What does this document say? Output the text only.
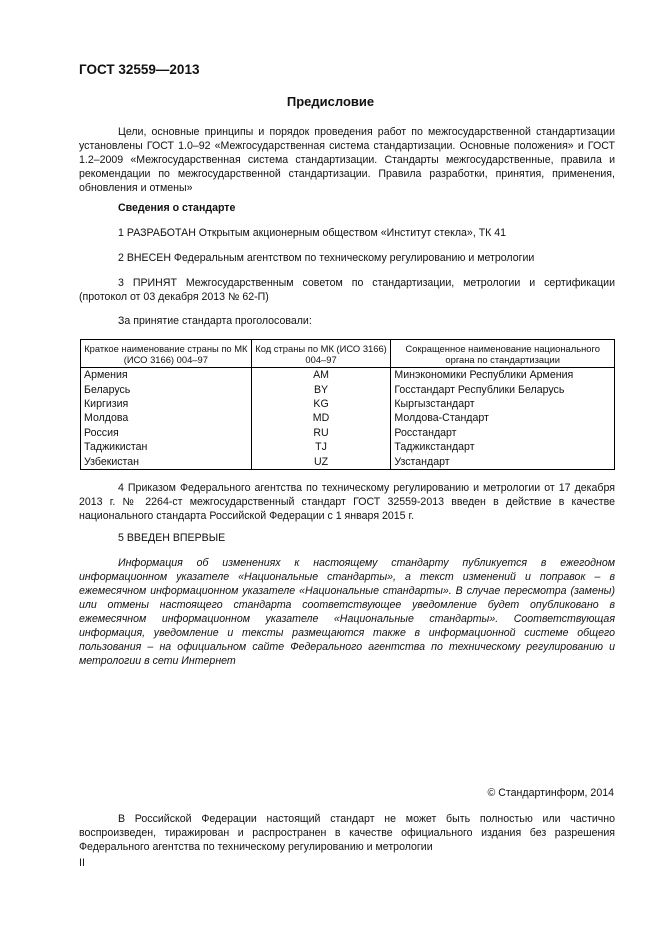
ГОСТ 32559—2013
Предисловие
Цели, основные принципы и порядок проведения работ по межгосударственной стандартизации установлены ГОСТ 1.0–92 «Межгосударственная система стандартизации. Основные положения» и ГОСТ 1.2–2009 «Межгосударственная система стандартизации. Стандарты межгосударственные, правила и рекомендации по межгосударственной стандартизации. Правила разработки, принятия, применения, обновления и отмены»
Сведения о стандарте
1 РАЗРАБОТАН Открытым акционерным обществом «Институт стекла», ТК 41
2 ВНЕСЕН Федеральным агентством по техническому регулированию и метрологии
3 ПРИНЯТ Межгосударственным советом по стандартизации, метрологии и сертификации (протокол от 03 декабря 2013 № 62-П)
За принятие стандарта проголосовали:
Краткое наименование страны по МК (ИСО 3166) 004–97	Код страны по МК (ИСО 3166) 004–97	Сокращенное наименование национального органа по стандартизации
Армения	AM	Минэкономики Республики Армения
Беларусь	BY	Госстандарт Республики Беларусь
Киргизия	KG	Кыргызстандарт
Молдова	MD	Молдова-Стандарт
Россия	RU	Росстандарт
Таджикистан	TJ	Таджикстандарт
Узбекистан	UZ	Узстандарт
4 Приказом Федерального агентства по техническому регулированию и метрологии от 17 декабря 2013 г. № 2264-ст межгосударственный стандарт ГОСТ 32559-2013 введен в действие в качестве национального стандарта Российской Федерации с 1 января 2015 г.
5 ВВЕДЕН ВПЕРВЫЕ
Информация об изменениях к настоящему стандарту публикуется в ежегодном информационном указателе «Национальные стандарты», а текст изменений и поправок – в ежемесячном информационном указателе «Национальные стандарты». В случае пересмотра (замены) или отмены настоящего стандарта соответствующее уведомление будет опубликовано в ежемесячном информационном указателе «Национальные стандарты». Соответствующая информация, уведомление и тексты размещаются также в информационной системе общего пользования – на официальном сайте Федерального агентства по техническому регулированию и метрологии в сети Интернет
© Стандартинформ, 2014
В Российской Федерации настоящий стандарт не может быть полностью или частично воспроизведен, тиражирован и распространен в качестве официального издания без разрешения Федерального агентства по техническому регулированию и метрологии
II
